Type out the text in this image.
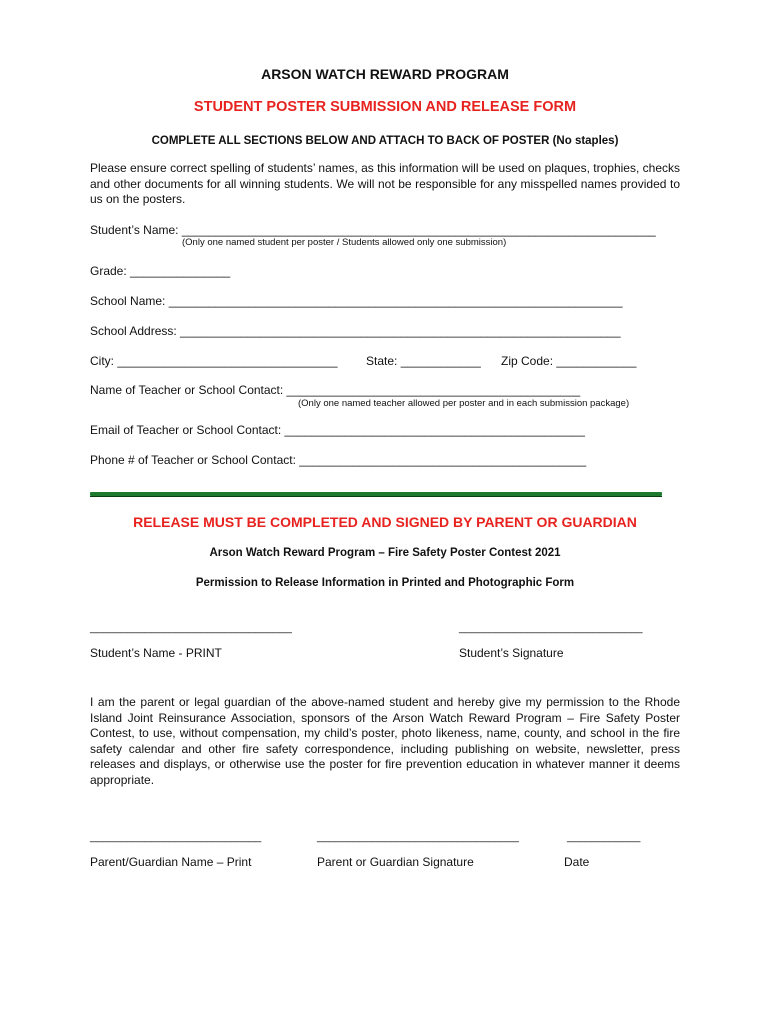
ARSON WATCH REWARD PROGRAM
STUDENT POSTER SUBMISSION AND RELEASE FORM
COMPLETE ALL SECTIONS BELOW AND ATTACH TO BACK OF POSTER (No staples)
Please ensure correct spelling of students’ names, as this information will be used on plaques, trophies, checks and other documents for all winning students. We will not be responsible for any misspelled names provided to us on the posters.
Student’s Name: _______________________________________________________________________
(Only one named student per poster / Students allowed only one submission)
Grade: _______________
School Name: ____________________________________________________________________
School Address: __________________________________________________________________
City: _________________________________ State: ____________ Zip Code: ____________
Name of Teacher or School Contact: ____________________________________________
(Only one named teacher allowed per poster and in each submission package)
Email of Teacher or School Contact: _____________________________________________
Phone # of Teacher or School Contact: ___________________________________________
RELEASE MUST BE COMPLETED AND SIGNED BY PARENT OR GUARDIAN
Arson Watch Reward Program – Fire Safety Poster Contest 2021
Permission to Release Information in Printed and Photographic Form
_________________________________	______________________________
Student’s Name - PRINT	Student’s Signature
I am the parent or legal guardian of the above-named student and hereby give my permission to the Rhode Island Joint Reinsurance Association, sponsors of the Arson Watch Reward Program – Fire Safety Poster Contest, to use, without compensation, my child’s poster, photo likeness, name, county, and school in the fire safety calendar and other fire safety correspondence, including publishing on website, newsletter, press releases and displays, or otherwise use the poster for fire prevention education in whatever manner it deems appropriate.
____________________________	_________________________________	____________
Parent/Guardian Name – Print	Parent or Guardian Signature	Date
